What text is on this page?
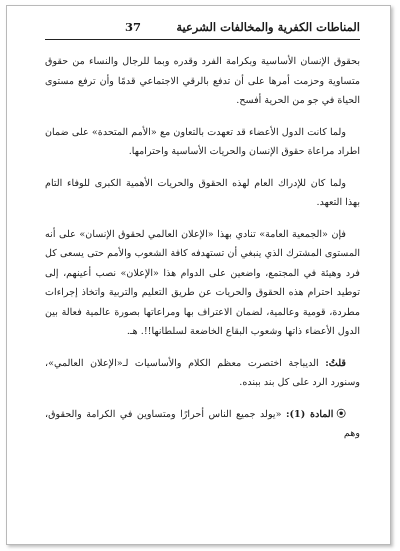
المناطات الكفرية والمخالفات الشرعية
37

بحقوق الإنسان الأساسية وبكرامة الفرد وقدره وبما للرجال والنساء من حقوق متساوية وحزمت أمرها على أن تدفع بالرقي الاجتماعي قدمًا وأن ترفع مستوى الحياة في جو من الحرية أفسح.

ولما كانت الدول الأعضاء قد تعهدت بالتعاون مع «الأمم المتحدة» على ضمان اطراد مراعاة حقوق الإنسان والحريات الأساسية واحترامها.

ولما كان للإدراك العام لهذه الحقوق والحريات الأهمية الكبرى للوفاء التام بهذا التعهد.

فإن «الجمعية العامة» تنادي بهذا «الإعلان العالمي لحقوق الإنسان» على أنه المستوى المشترك الذي ينبغي أن تستهدفه كافة الشعوب والأمم حتى يسعى كل فرد وهيئة في المجتمع، واضعين على الدوام هذا «الإعلان» نصب أعينهم، إلى توطيد احترام هذه الحقوق والحريات عن طريق التعليم والتربية واتخاذ إجراءات مطردة، قومية وعالمية، لضمان الاعتراف بها ومراعاتها بصورة عالمية فعالة بين الدول الأعضاء ذاتها وشعوب البقاع الخاضعة لسلطانها!!. هـ.

قلتُ: الديباجة اختصرت معظم الكلام والأساسيات لـ«الإعلان العالمي»، وسنورد الرد على كل بند ببنده.

⦿المادة (1): «يولد جميع الناس أحرارًا ومتساوين في الكرامة والحقوق، وهم
